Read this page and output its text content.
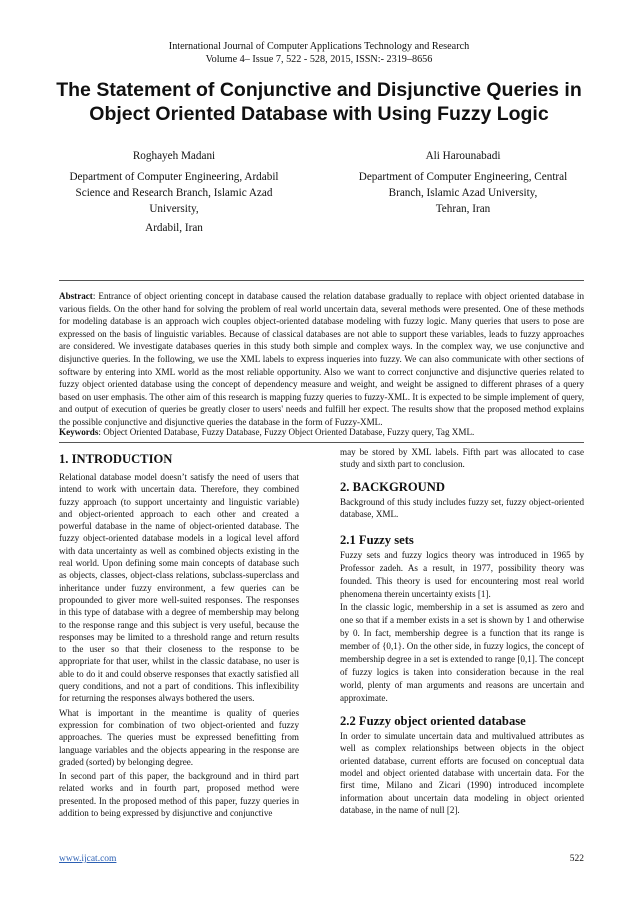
International Journal of Computer Applications Technology and Research
Volume 4– Issue 7, 522 - 528, 2015, ISSN:- 2319–8656
The Statement of Conjunctive and Disjunctive Queries in
Object Oriented Database with Using Fuzzy Logic
Roghayeh Madani
Department of Computer Engineering, Ardabil
Science and Research Branch, Islamic Azad
University,
Ardabil, Iran
Ali Harounabadi
Department of Computer Engineering, Central
Branch, Islamic Azad University,
Tehran, Iran
Abstract: Entrance of object orienting concept in database caused the relation database gradually to replace with object oriented database in various fields. On the other hand for solving the problem of real world uncertain data, several methods were presented. One of these methods for modeling database is an approach wich couples object-oriented database modeling with fuzzy logic. Many queries that users to pose are expressed on the basis of linguistic variables. Because of classical databases are not able to support these variables, leads to fuzzy approaches are considered. We investigate databases queries in this study both simple and complex ways. In the complex way, we use conjunctive and disjunctive queries. In the following, we use the XML labels to express inqueries into fuzzy. We can also communicate with other sections of software by entering into XML world as the most reliable opportunity. Also we want to correct conjunctive and disjunctive queries related to fuzzy object oriented database using the concept of dependency measure and weight, and weight be assigned to different phrases of a query based on user emphasis. The other aim of this research is mapping fuzzy queries to fuzzy-XML. It is expected to be simple implement of query, and output of execution of queries be greatly closer to users' needs and fulfill her expect. The results show that the proposed method explains the possible conjunctive and disjunctive queries the database in the form of Fuzzy-XML.
Keywords: Object Oriented Database, Fuzzy Database, Fuzzy Object Oriented Database, Fuzzy query, Tag XML.
1. INTRODUCTION

Relational database model doesn’t satisfy the need of users that intend to work with uncertain data. Therefore, they combined fuzzy approach (to support uncertainty and linguistic variable) and object-oriented approach to each other and created a powerful database in the name of object-oriented database. The fuzzy object-oriented database models in a logical level afford with data uncertainty as well as combined objects existing in the real world. Upon defining some main concepts of database such as objects, classes, object-class relations, subclass-superclass and inheritance under fuzzy environment, a few queries can be propounded to giver more well-suited responses. The responses in this type of database with a degree of membership may belong to the response range and this subject is very useful, because the responses may be limited to a threshold range and return results to the user so that their closeness to the response to be appropriate for that user, whilst in the classic database, no user is able to do it and could observe responses that exactly satisfied all query conditions, and not a part of conditions. This inflexibility for returning the responses always bothered the users.

What is important in the meantime is quality of queries expression for combination of two object-oriented and fuzzy approaches. The queries must be expressed benefitting from language variables and the objects appearing in the response are graded (sorted) by belonging degree.

In second part of this paper, the background and in third part related works and in fourth part, proposed method were presented. In the proposed method of this paper, fuzzy queries in addition to being expressed by disjunctive and conjunctive

may be stored by XML labels. Fifth part was allocated to case study and sixth part to conclusion.

2. BACKGROUND

Background of this study includes fuzzy set, fuzzy object-oriented database, XML.

2.1 Fuzzy sets

Fuzzy sets and fuzzy logics theory was introduced in 1965 by Professor zadeh. As a result, in 1977, possibility theory was founded. This theory is used for encountering most real world phenomena therein uncertainty exists [1].

In the classic logic, membership in a set is assumed as zero and one so that if a member exists in a set is shown by 1 and otherwise by 0. In fact, membership degree is a function that its range is member of {0,1}. On the other side, in fuzzy logics, the concept of membership degree in a set is extended to range [0,1]. The concept of fuzzy logics is taken into consideration because in the real world, plenty of man arguments and reasons are uncertain and approximate.

2.2 Fuzzy object oriented database

In order to simulate uncertain data and multivalued attributes as well as complex relationships between objects in the object oriented database, current efforts are focused on conceptual data model and object oriented database with uncertain data. For the first time, Milano and Zicari (1990) introduced incomplete information about uncertain data modeling in object oriented database, in the name of null [2].

www.ijcat.com	522
